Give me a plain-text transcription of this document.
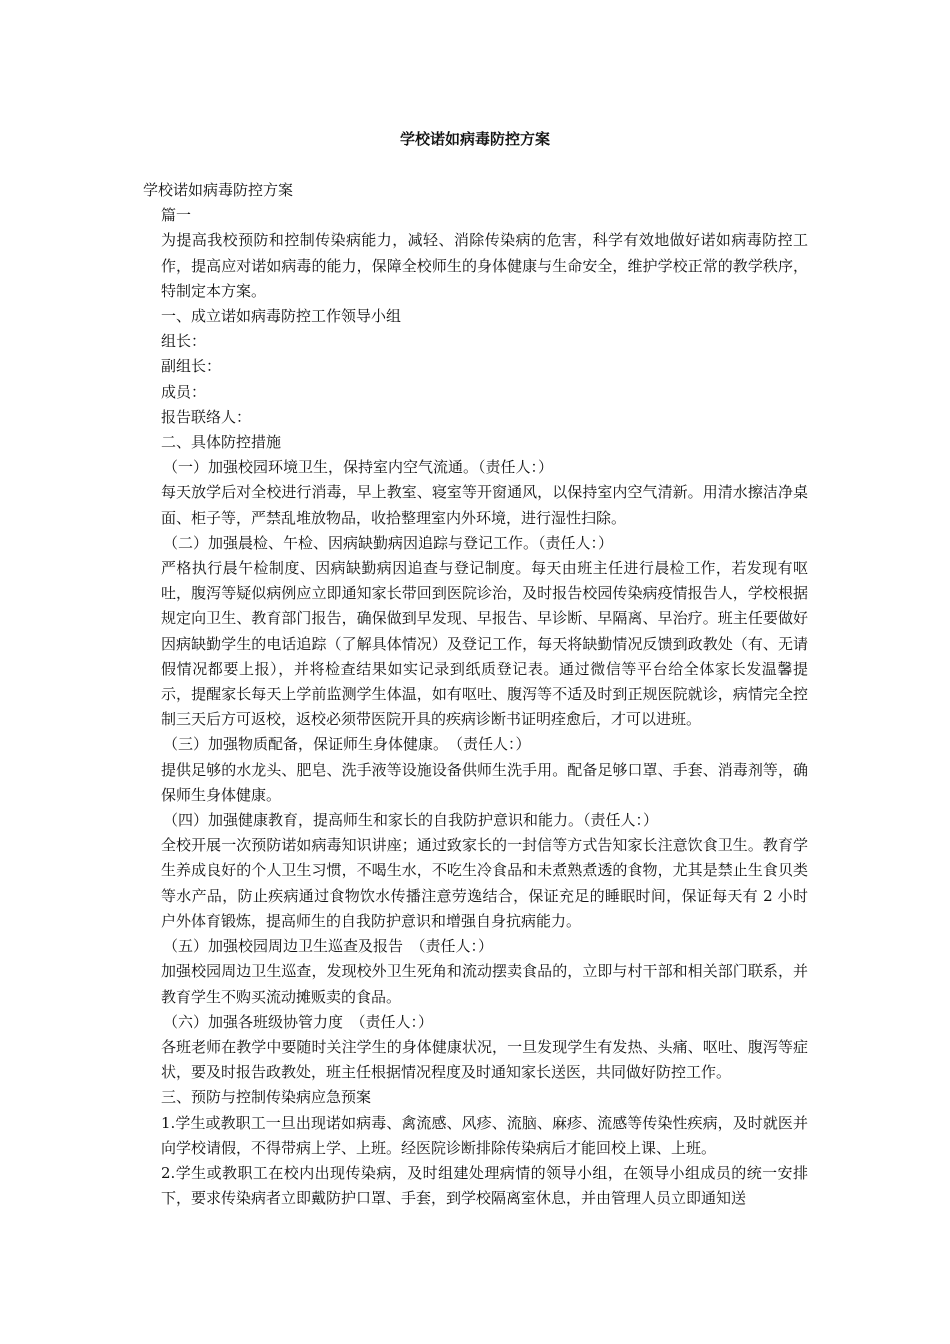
学校诺如病毒防控方案

学校诺如病毒防控方案

篇一

为提高我校预防和控制传染病能力，减轻、消除传染病的危害，科学有效地做好诺如病毒防控工作，提高应对诺如病毒的能力，保障全校师生的身体健康与生命安全，维护学校正常的教学秩序，特制定本方案。

一、成立诺如病毒防控工作领导小组

组长：

副组长：

成员：

报告联络人：

二、具体防控措施

（一）加强校园环境卫生，保持室内空气流通。（责任人：）

每天放学后对全校进行消毒，早上教室、寝室等开窗通风，以保持室内空气清新。用清水擦洁净桌面、柜子等，严禁乱堆放物品，收拾整理室内外环境，进行湿性扫除。

（二）加强晨检、午检、因病缺勤病因追踪与登记工作。（责任人：）

严格执行晨午检制度、因病缺勤病因追查与登记制度。每天由班主任进行晨检工作，若发现有呕吐，腹泻等疑似病例应立即通知家长带回到医院诊治，及时报告校园传染病疫情报告人，学校根据规定向卫生、教育部门报告，确保做到早发现、早报告、早诊断、早隔离、早治疗。班主任要做好因病缺勤学生的电话追踪（了解具体情况）及登记工作，每天将缺勤情况反馈到政教处（有、无请假情况都要上报），并将检查结果如实记录到纸质登记表。通过微信等平台给全体家长发温馨提示，提醒家长每天上学前监测学生体温，如有呕吐、腹泻等不适及时到正规医院就诊，病情完全控制三天后方可返校，返校必须带医院开具的疾病诊断书证明痊愈后，才可以进班。

（三）加强物质配备，保证师生身体健康。　（责任人：）

提供足够的水龙头、肥皂、洗手液等设施设备供师生洗手用。配备足够口罩、手套、消毒剂等，确保师生身体健康。

（四）加强健康教育，提高师生和家长的自我防护意识和能力。（责任人：）

全校开展一次预防诺如病毒知识讲座；通过致家长的一封信等方式告知家长注意饮食卫生。教育学生养成良好的个人卫生习惯，不喝生水，不吃生冷食品和未煮熟煮透的食物，尤其是禁止生食贝类等水产品，防止疾病通过食物饮水传播注意劳逸结合，保证充足的睡眠时间，保证每天有 2 小时户外体育锻炼，提高师生的自我防护意识和增强自身抗病能力。

（五）加强校园周边卫生巡查及报告　（责任人：）

加强校园周边卫生巡查，发现校外卫生死角和流动摆卖食品的，立即与村干部和相关部门联系，并教育学生不购买流动摊贩卖的食品。

（六）加强各班级协管力度　（责任人：）

各班老师在教学中要随时关注学生的身体健康状况，一旦发现学生有发热、头痛、呕吐、腹泻等症状，要及时报告政教处，班主任根据情况程度及时通知家长送医，共同做好防控工作。

三、预防与控制传染病应急预案

1.学生或教职工一旦出现诺如病毒、禽流感、风疹、流脑、麻疹、流感等传染性疾病，及时就医并向学校请假，不得带病上学、上班。经医院诊断排除传染病后才能回校上课、上班。

2.学生或教职工在校内出现传染病，及时组建处理病情的领导小组，在领导小组成员的统一安排下，要求传染病者立即戴防护口罩、手套，到学校隔离室休息，并由管理人员立即通知送
